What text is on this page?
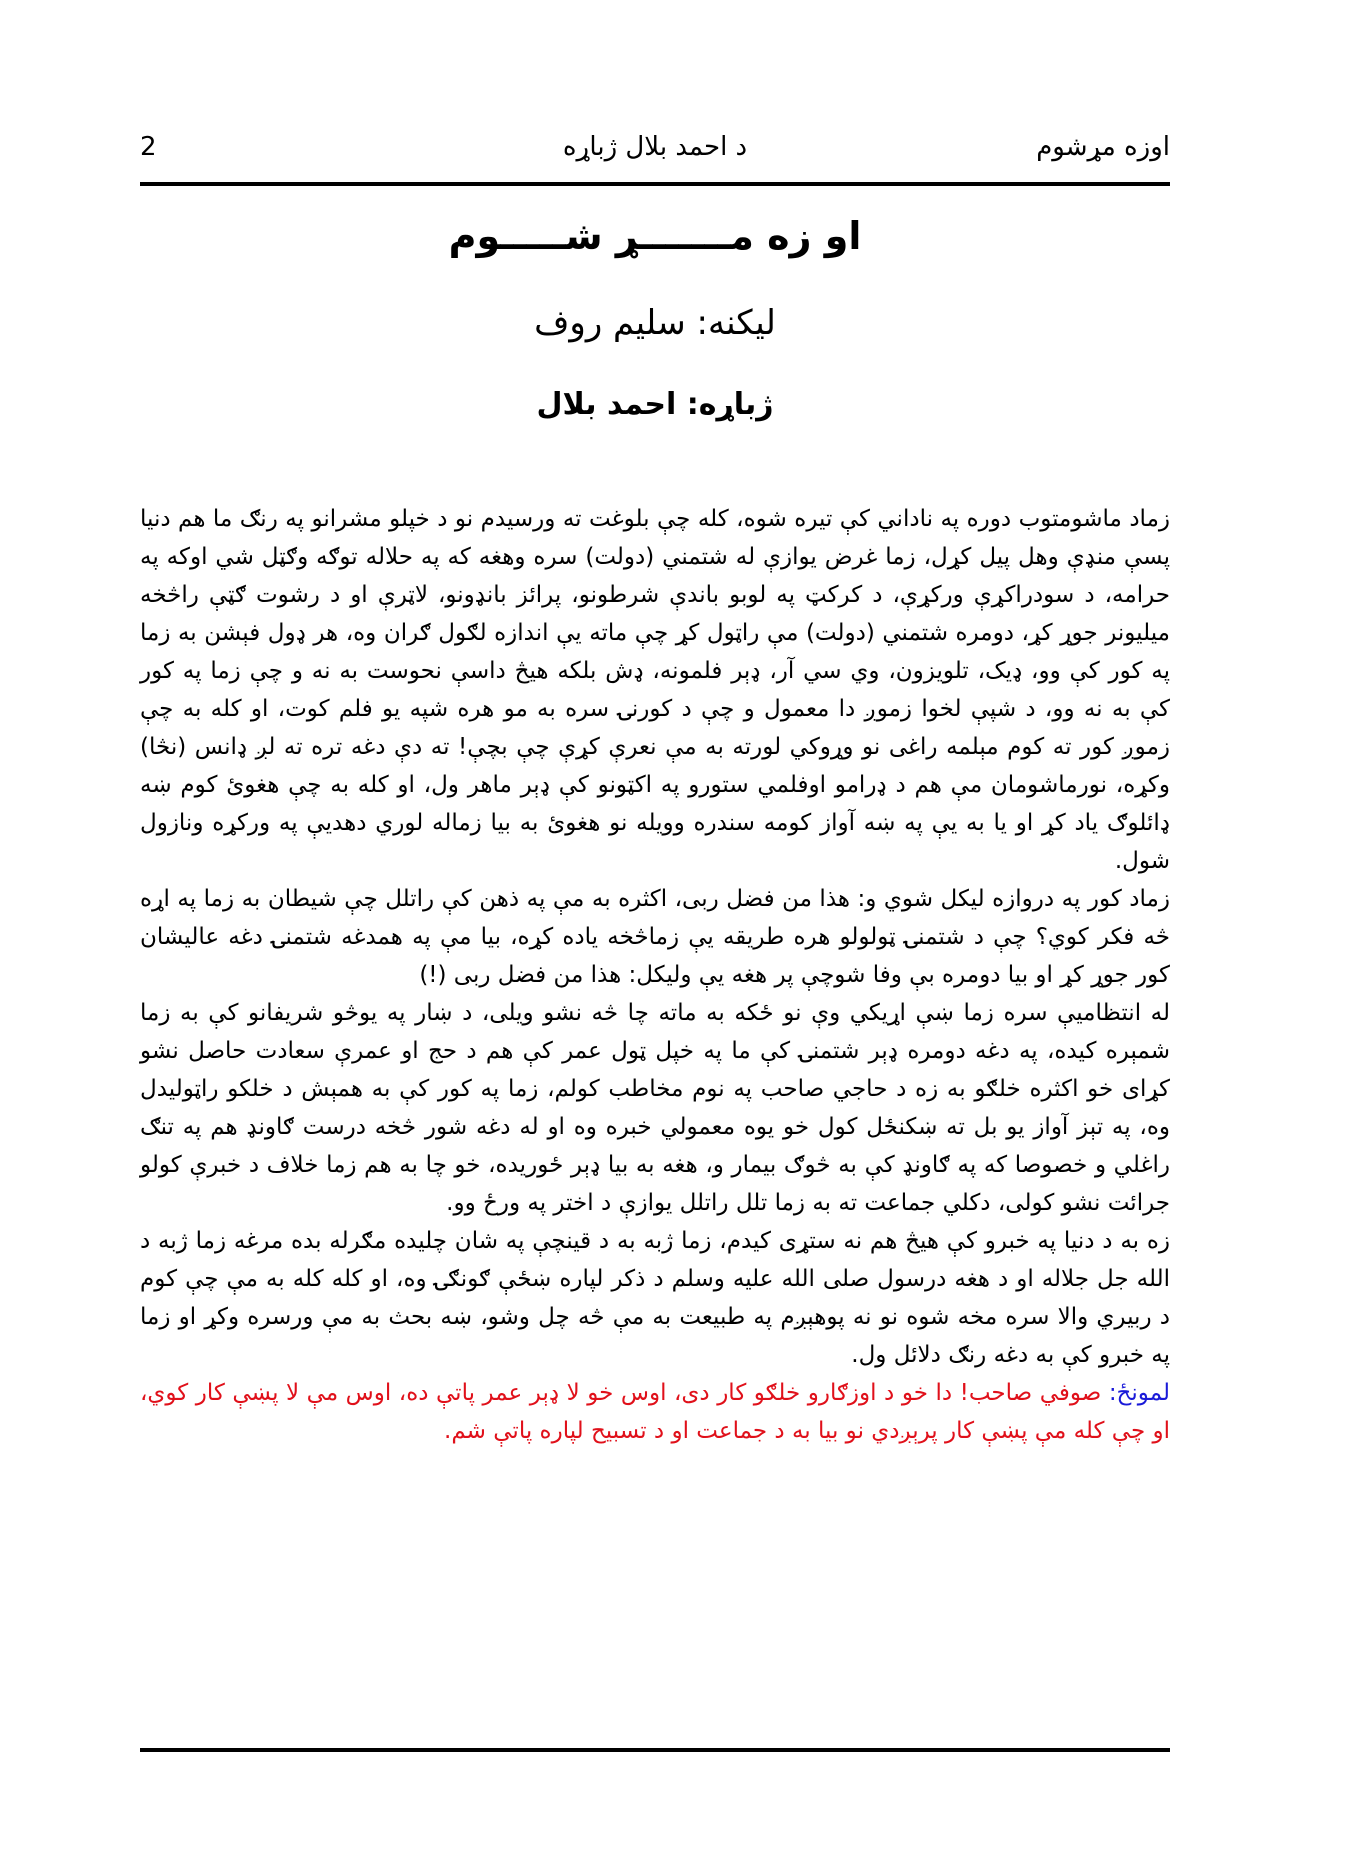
2	د احمد بلال ژباړه	اوزه مړشوم
او زه مـــــــړ شـــــوم
لیکنه: سلیم روف
ژباړه: احمد بلال

زماد ماشومتوب دوره په ناداني کې تیره شوه، کله چې بلوغت ته ورسیدم نو د خپلو مشرانو په رنګ ما هم دنیا پسې منډې وهل پیل کړل، زما غرض یوازې له شتمني (دولت) سره وهغه که په حلاله توګه وګټل شي اوکه په حرامه، د سودراکړې ورکړې، د کرکټ په لوبو باندې شرطونو، پرائز بانډونو، لاټرې او د رشوت ګټې راڅخه میلیونر جوړ کړ، دومره شتمني (دولت) مې راټول کړ چې ماته یې اندازه لګول ګران وه، هر ډول فېشن به زما په کور کې وو، ډیک، تلویزون، وي سي آر، ډېر فلمونه، ډش بلکه هیڅ داسې نحوست به نه و چې زما په کور کې به نه وو، د شپې لخوا زموږ دا معمول و چې د کورنۍ سره به مو هره شپه یو فلم کوت، او کله به چې زموږ کور ته کوم مېلمه راغی نو وړوکي لورته به مې نعرې کړې چې بچې! ته دې دغه تره ته لږ ډانس (نڅا) وکړه، نورماشومان مې هم د ډرامو اوفلمي ستورو په اکټونو کې ډېر ماهر ول، او کله به چې هغوئ کوم ښه ډائلوګ یاد کړ او یا به یې په ښه آواز کومه سندره وویله نو هغوئ به بیا زماله لوري دهدیې په ورکړه ونازول شول.

زماد کور په دروازه لیکل شوي و: هذا من فضل ربی، اکثره به مې په ذهن کې راتلل چې شیطان به زما په اړه څه فکر کوي؟ چې د شتمنۍ ټولولو هره طریقه یې زماڅخه یاده کړه، بیا مې په همدغه شتمنۍ دغه عالیشان کور جوړ کړ او بیا دومره بې وفا شوچې پر هغه یې ولیکل: هذا من فضل ربی (!)

له انتظامیې سره زما ښې اړیکي وې نو ځکه به ماته چا څه نشو ویلی، د ښار په یوڅو شریفانو کې به زما شمېره کیده، په دغه دومره ډېر شتمنۍ کې ما په خپل ټول عمر کې هم د حج او عمرې سعادت حاصل نشو کړای خو اکثره خلګو به زه د حاجي صاحب په نوم مخاطب کولم، زما په کور کې به همېش د خلکو راټولیدل وه، په تېز آواز یو بل ته ښکنځل کول خو یوه معمولي خبره وه او له دغه شور څخه درست ګاونډ هم په تنګ راغلي و خصوصا که په ګاونډ کې به څوګ بیمار و، هغه به بیا ډېر ځوریده، خو چا به هم زما خلاف د خبرې کولو جرائت نشو کولی، دکلي جماعت ته به زما تلل راتلل یوازې د اختر په ورځ وو.

زه به د دنیا په خبرو کې هیڅ هم نه ستړی کیدم، زما ژبه به د قینچې په شان چلیده مګرله بده مرغه زما ژبه د الله جل جلاله او د هغه درسول صلی الله علیه وسلم د ذکر لپاره ښځې ګونګۍ وه، او کله کله به مې چې کوم د ربیري والا سره مخه شوه نو نه پوهېږم په طبیعت به مې څه چل وشو، ښه بحث به مې ورسره وکړ او زما په خبرو کې به دغه رنګ دلائل ول.

لمونځ: صوفي صاحب! دا خو د اوزګارو خلګو کار دی، اوس خو لا ډېر عمر پاتې ده، اوس مې لا پښې کار کوي، او چې کله مې پښې کار پرېږدي نو بیا به د جماعت او د تسبیح لپاره پاتې شم.
